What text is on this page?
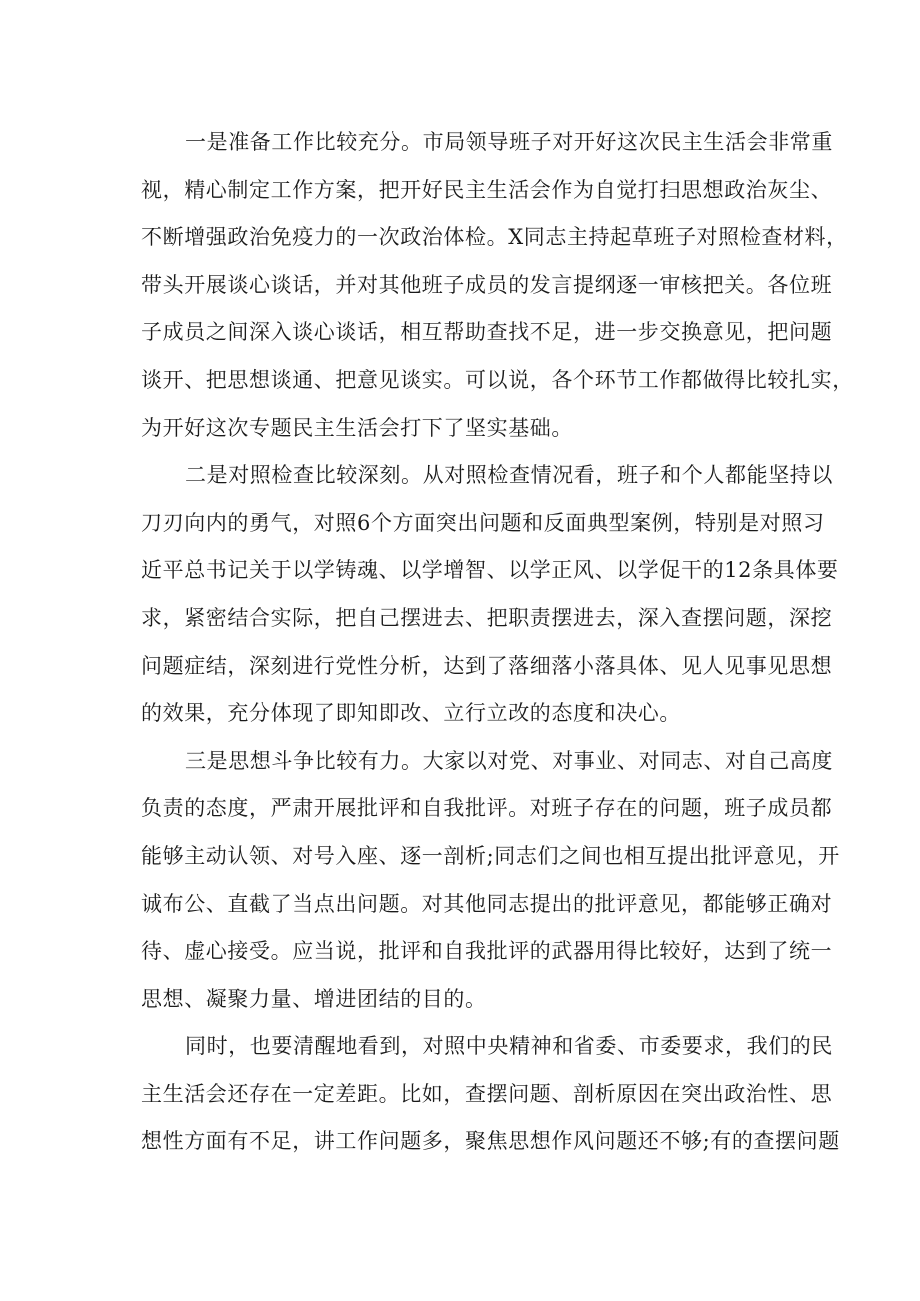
一是准备工作比较充分。市局领导班子对开好这次民主生活会非常重
视，精心制定工作方案，把开好民主生活会作为自觉打扫思想政治灰尘、
不断增强政治免疫力的一次政治体检。X同志主持起草班子对照检查材料，
带头开展谈心谈话，并对其他班子成员的发言提纲逐一审核把关。各位班
子成员之间深入谈心谈话，相互帮助查找不足，进一步交换意见，把问题
谈开、把思想谈通、把意见谈实。可以说，各个环节工作都做得比较扎实，
为开好这次专题民主生活会打下了坚实基础。
二是对照检查比较深刻。从对照检查情况看，班子和个人都能坚持以
刀刃向内的勇气，对照6个方面突出问题和反面典型案例，特别是对照习
近平总书记关于以学铸魂、以学增智、以学正风、以学促干的12条具体要
求，紧密结合实际，把自己摆进去、把职责摆进去，深入查摆问题，深挖
问题症结，深刻进行党性分析，达到了落细落小落具体、见人见事见思想
的效果，充分体现了即知即改、立行立改的态度和决心。
三是思想斗争比较有力。大家以对党、对事业、对同志、对自己高度
负责的态度，严肃开展批评和自我批评。对班子存在的问题，班子成员都
能够主动认领、对号入座、逐一剖析;同志们之间也相互提出批评意见，开
诚布公、直截了当点出问题。对其他同志提出的批评意见，都能够正确对
待、虚心接受。应当说，批评和自我批评的武器用得比较好，达到了统一
思想、凝聚力量、增进团结的目的。
同时，也要清醒地看到，对照中央精神和省委、市委要求，我们的民
主生活会还存在一定差距。比如，查摆问题、剖析原因在突出政治性、思
想性方面有不足，讲工作问题多，聚焦思想作风问题还不够;有的查摆问题
